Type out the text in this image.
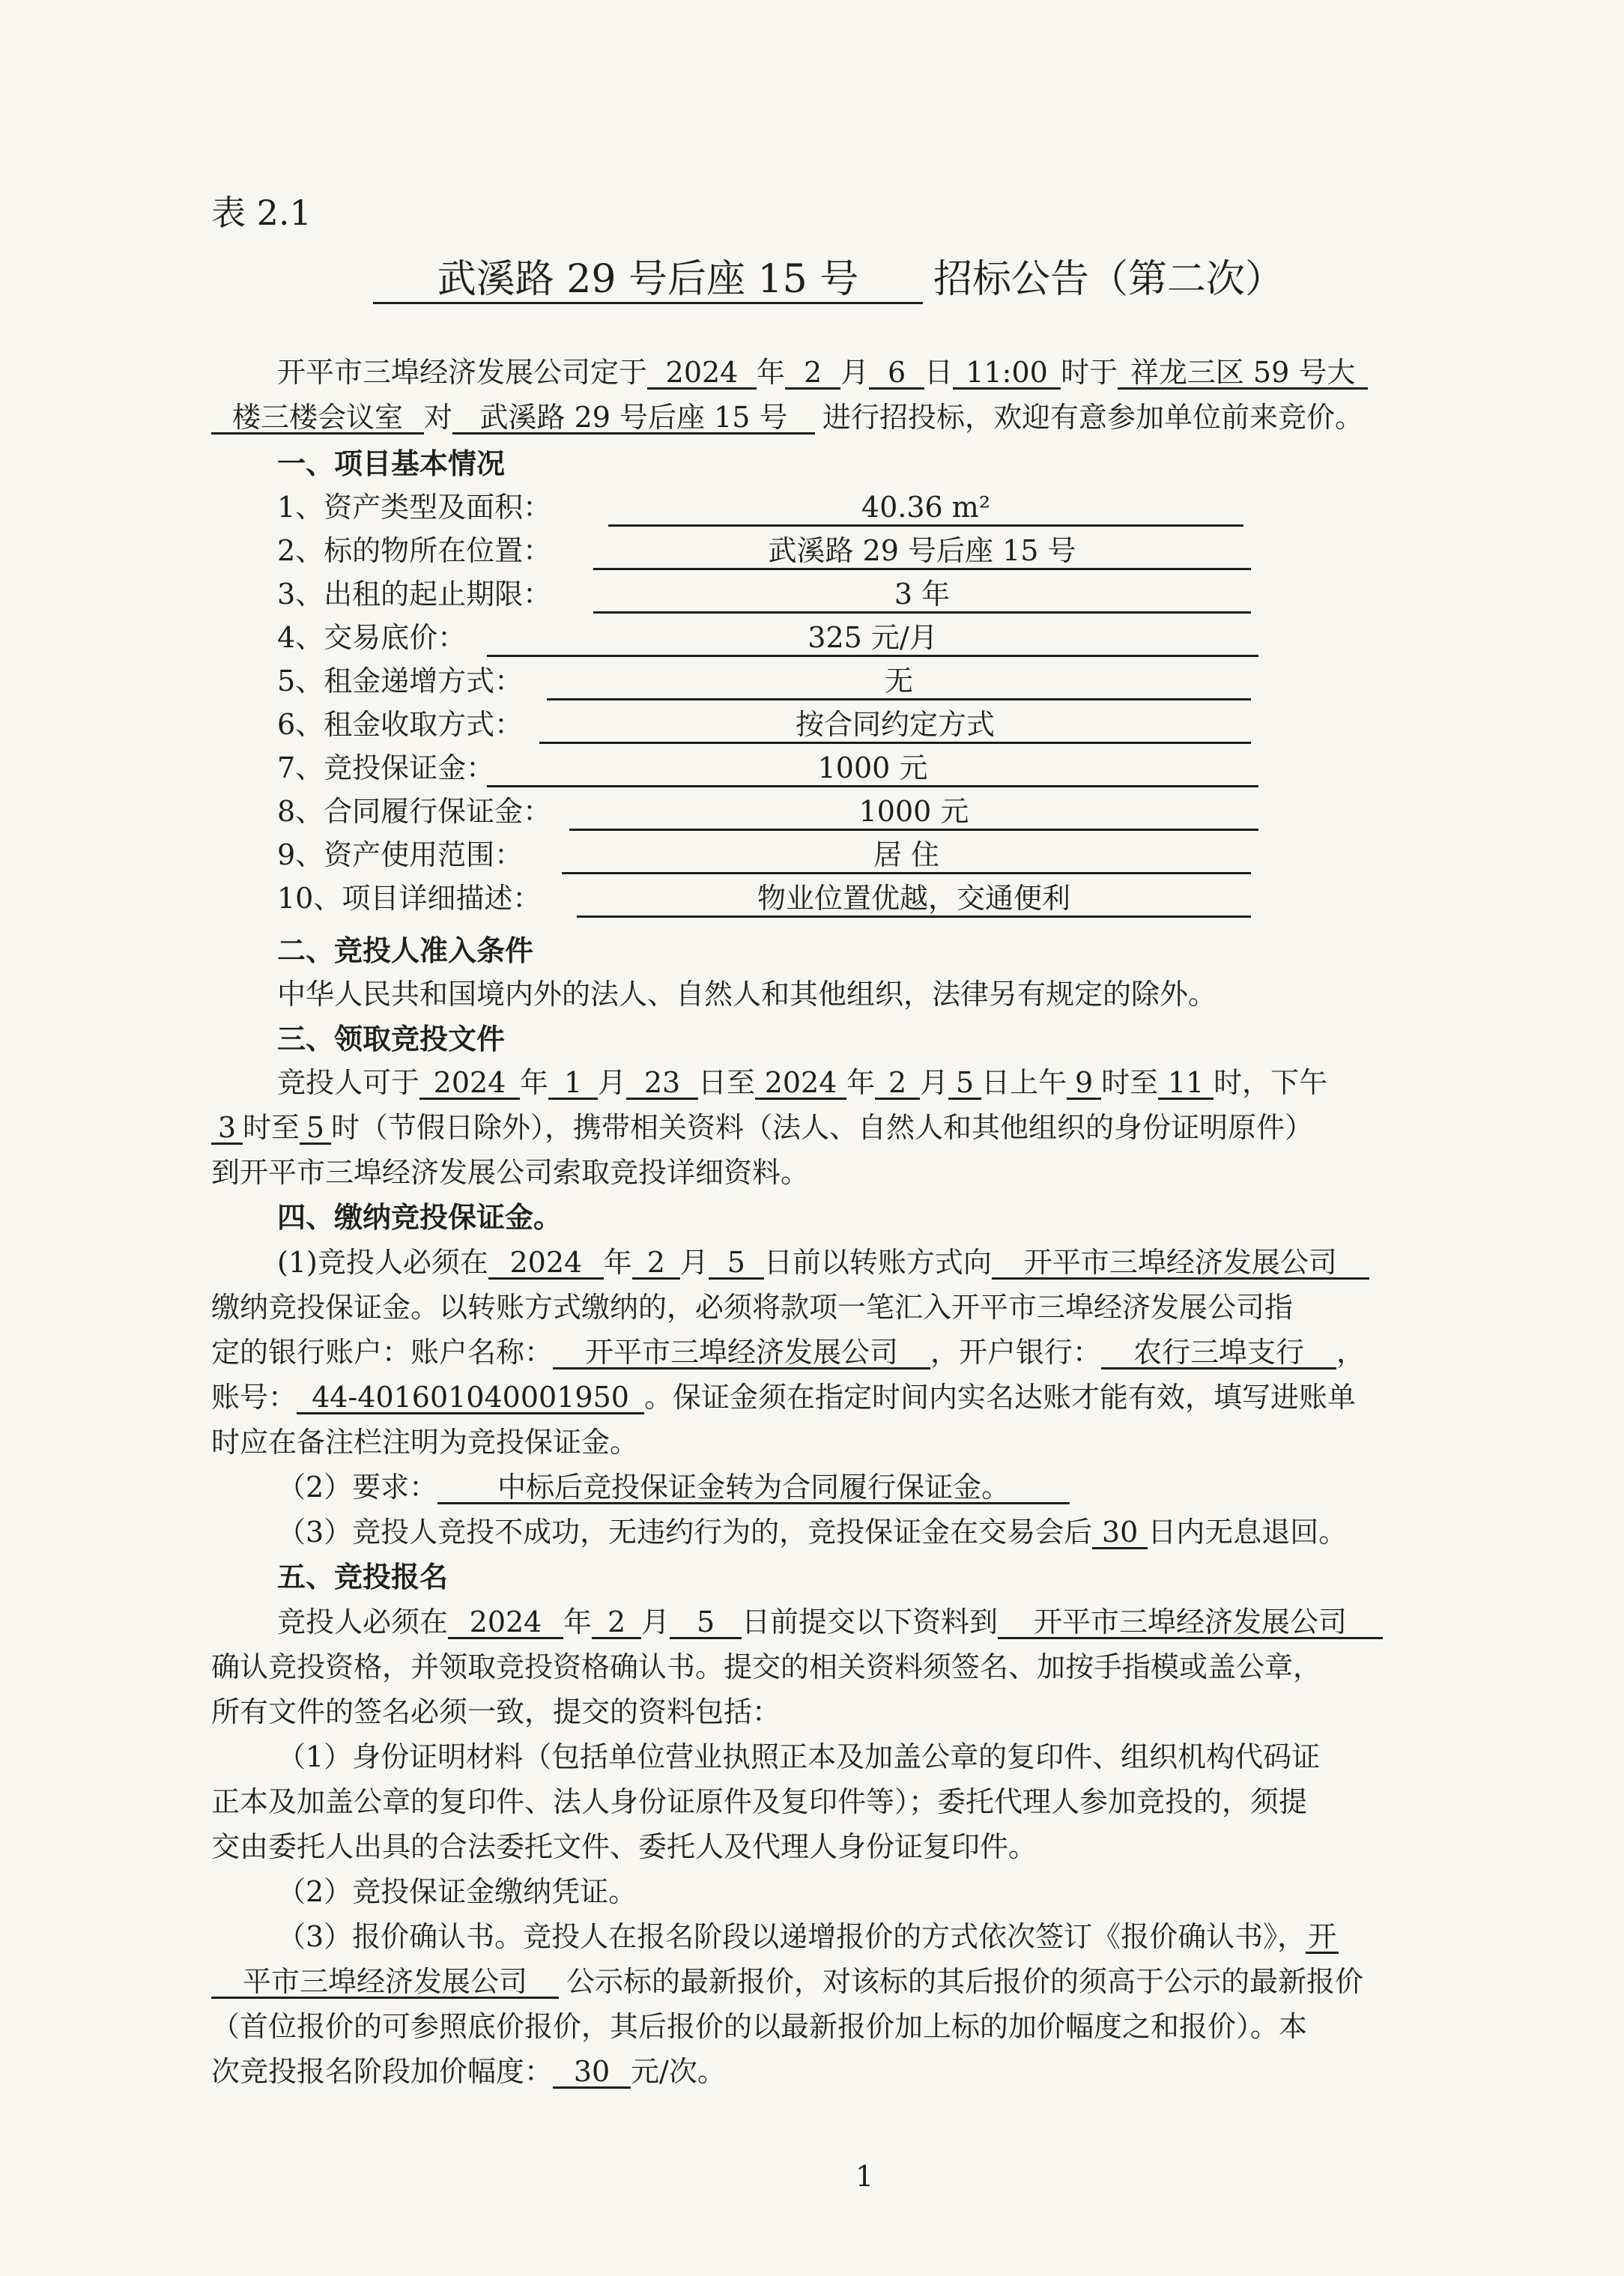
表 2.1
武溪路 29 号后座 15 号 招标公告（第二次）
开平市三埠经济发展公司定于 2024 年 2 月 6 日 11:00 时于 祥龙三区 59 号大
楼三楼会议室 对 武溪路 29 号后座 15 号 进行招投标，欢迎有意参加单位前来竞价。
一、项目基本情况
1、资产类型及面积：	40.36 m²
2、标的物所在位置：	武溪路 29 号后座 15 号
3、出租的起止期限：	3 年
4、交易底价：	325 元/月
5、租金递增方式：	无
6、租金收取方式：	按合同约定方式
7、竞投保证金：	1000 元
8、合同履行保证金：	1000 元
9、资产使用范围：	居 住
10、项目详细描述：	物业位置优越，交通便利
二、竞投人准入条件
中华人民共和国境内外的法人、自然人和其他组织，法律另有规定的除外。
三、领取竞投文件
竞投人可于 2024 年 1 月 23 日至 2024 年 2 月 5 日上午 9 时至 11 时，下午
3 时至 5 时（节假日除外），携带相关资料（法人、自然人和其他组织的身份证明原件）
到开平市三埠经济发展公司索取竞投详细资料。
四、缴纳竞投保证金。
(1)竞投人必须在 2024 年 2 月 5 日前以转账方式向 开平市三埠经济发展公司
缴纳竞投保证金。以转账方式缴纳的，必须将款项一笔汇入开平市三埠经济发展公司指
定的银行账户：账户名称： 开平市三埠经济发展公司 ，开户银行： 农行三埠支行 ，
账号： 44-401601040001950 。保证金须在指定时间内实名达账才能有效，填写进账单
时应在备注栏注明为竞投保证金。
（2）要求： 中标后竞投保证金转为合同履行保证金。
（3）竞投人竞投不成功，无违约行为的，竞投保证金在交易会后 30 日内无息退回。
五、竞投报名
竞投人必须在 2024 年 2 月 5 日前提交以下资料到 开平市三埠经济发展公司
确认竞投资格，并领取竞投资格确认书。提交的相关资料须签名、加按手指模或盖公章，
所有文件的签名必须一致，提交的资料包括：
（1）身份证明材料（包括单位营业执照正本及加盖公章的复印件、组织机构代码证
正本及加盖公章的复印件、法人身份证原件及复印件等）；委托代理人参加竞投的，须提
交由委托人出具的合法委托文件、委托人及代理人身份证复印件。
（2）竞投保证金缴纳凭证。
（3）报价确认书。竞投人在报名阶段以递增报价的方式依次签订《报价确认书》，开
平市三埠经济发展公司 公示标的最新报价，对该标的其后报价的须高于公示的最新报价
（首位报价的可参照底价报价，其后报价的以最新报价加上标的加价幅度之和报价）。本
次竞投报名阶段加价幅度： 30 元/次。
1
